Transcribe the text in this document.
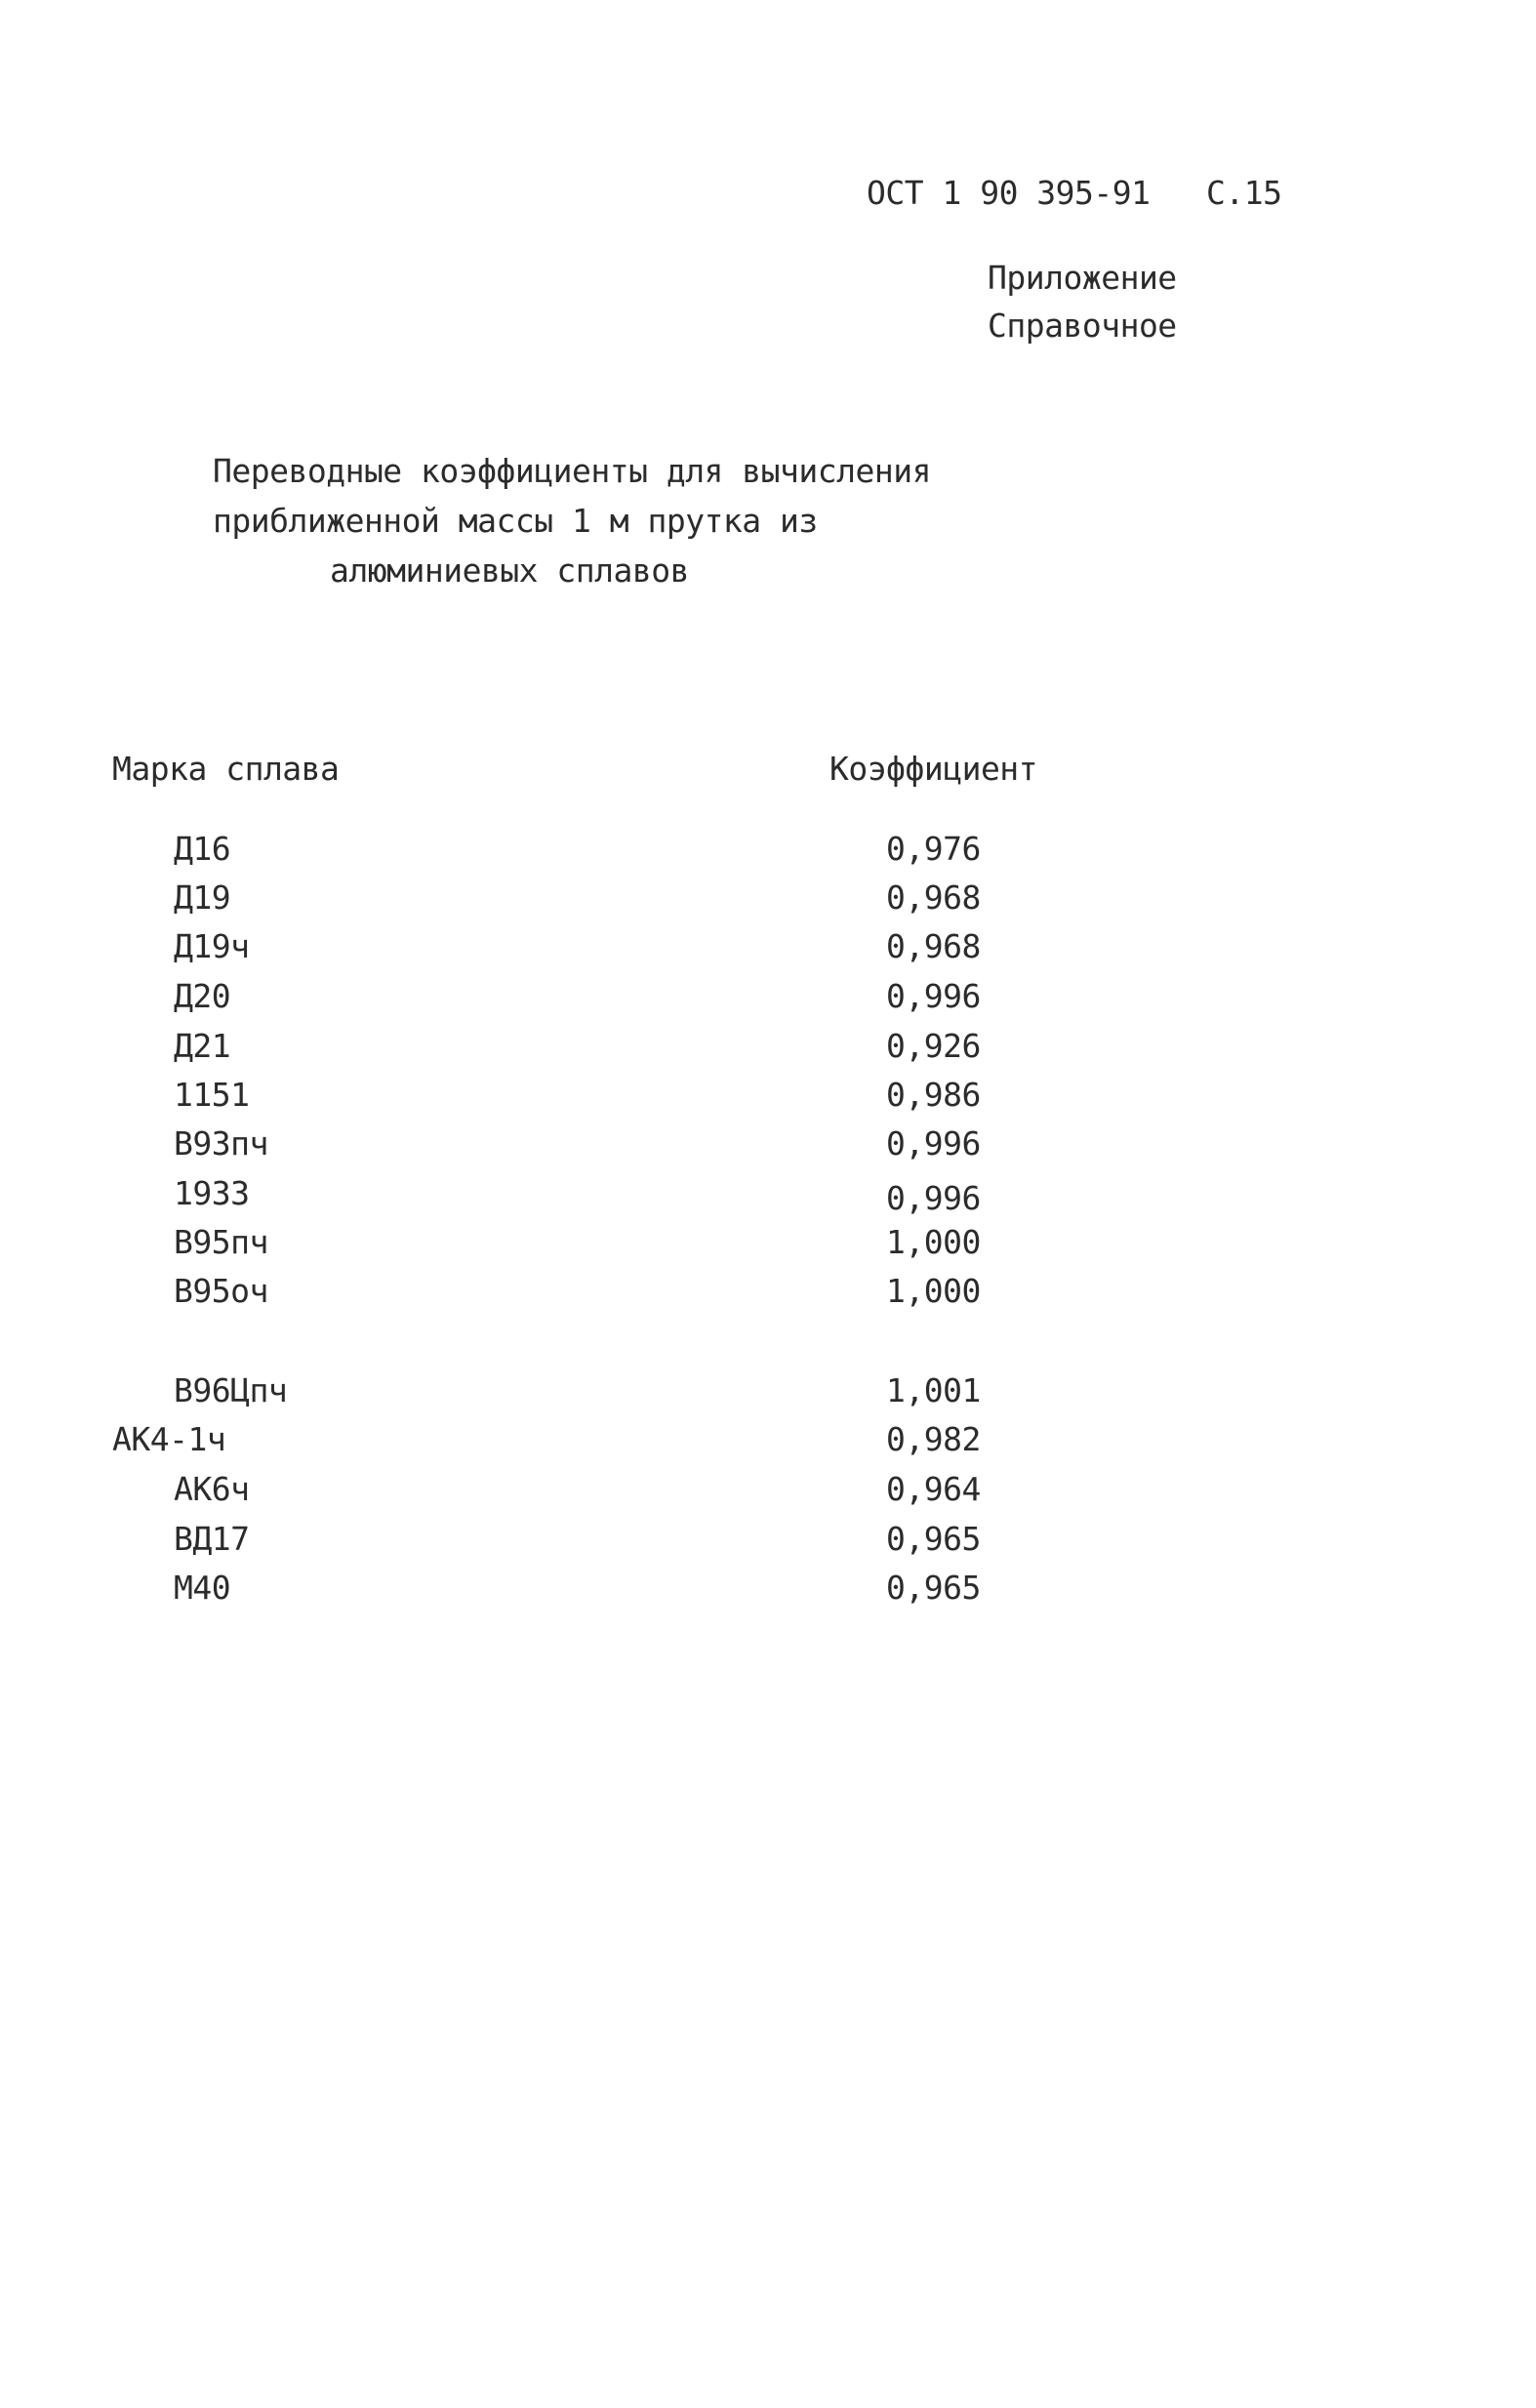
ОСТ 1 90 395-91 С.15
Приложение
Справочное
Переводные коэффициенты для вычисления
приближенной массы 1 м прутка из
алюминиевых сплавов
Марка сплава	Коэффициент
Д16	0,976
Д19	0,968
Д19ч	0,968
Д20	0,996
Д21	0,926
1151	0,986
В93пч	0,996
1933	0,996
В95пч	1,000
В95оч	1,000
В96Цпч	1,001
АК4-1ч	0,982
АК6ч	0,964
ВД17	0,965
М40	0,965
